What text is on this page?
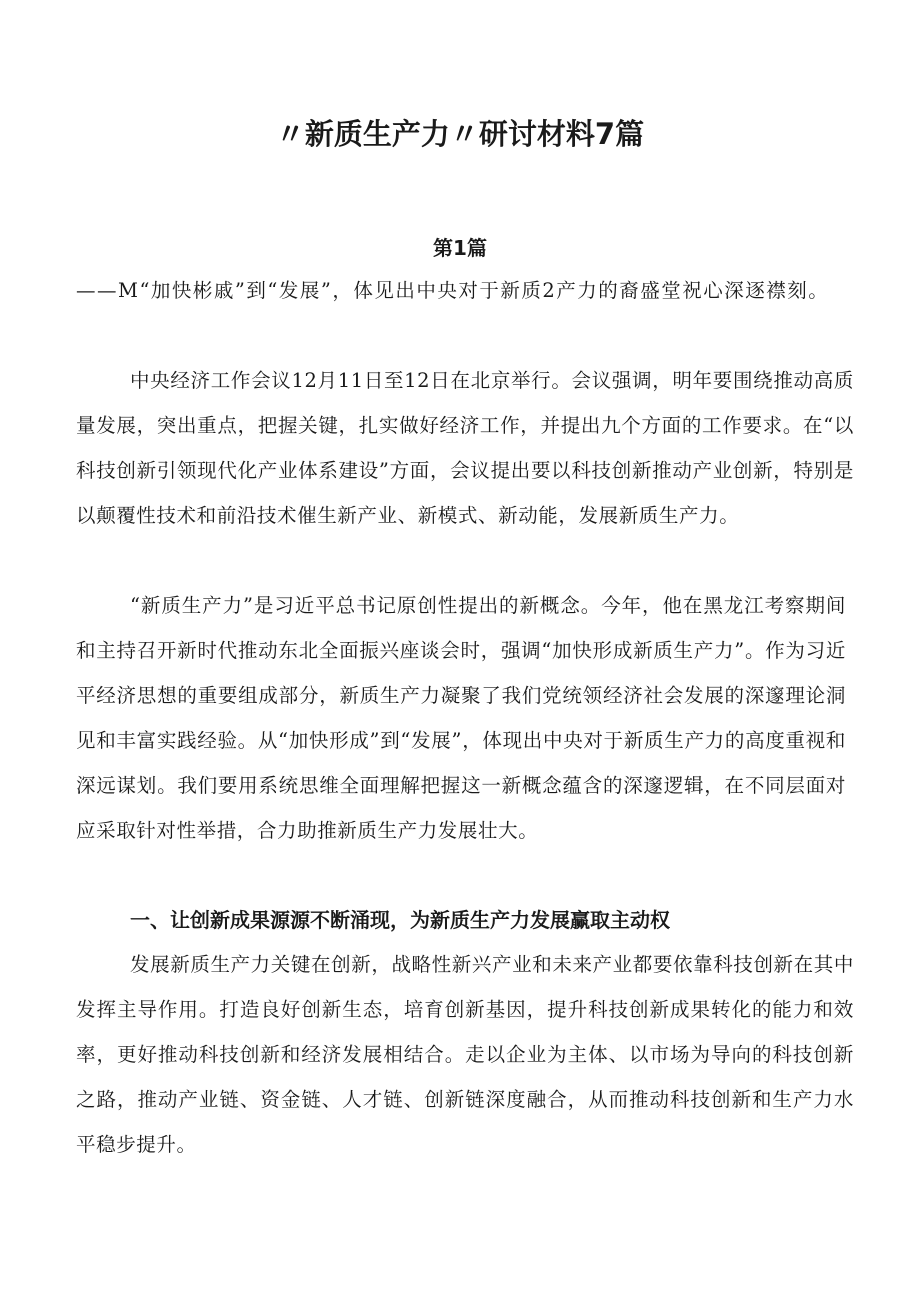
〃新质生产力〃研讨材料7篇
第1篇

——M“加快彬戚”到“发展”，体见出中央对于新质2产力的裔盛堂祝心深逐襟刻。

中央经济工作会议12月11日至12日在北京举行。会议强调，明年要围绕推动高质量发展，突出重点，把握关键，扎实做好经济工作，并提出九个方面的工作要求。在“以科技创新引领现代化产业体系建设”方面，会议提出要以科技创新推动产业创新，特别是以颠覆性技术和前沿技术催生新产业、新模式、新动能，发展新质生产力。

“新质生产力”是习近平总书记原创性提出的新概念。今年，他在黑龙江考察期间和主持召开新时代推动东北全面振兴座谈会时，强调“加快形成新质生产力”。作为习近平经济思想的重要组成部分，新质生产力凝聚了我们党统领经济社会发展的深邃理论洞见和丰富实践经验。从“加快形成”到“发展”，体现出中央对于新质生产力的高度重视和深远谋划。我们要用系统思维全面理解把握这一新概念蕴含的深邃逻辑，在不同层面对应采取针对性举措，合力助推新质生产力发展壮大。

一、让创新成果源源不断涌现，为新质生产力发展赢取主动权

发展新质生产力关键在创新，战略性新兴产业和未来产业都要依靠科技创新在其中发挥主导作用。打造良好创新生态，培育创新基因，提升科技创新成果转化的能力和效率，更好推动科技创新和经济发展相结合。走以企业为主体、以市场为导向的科技创新之路，推动产业链、资金链、人才链、创新链深度融合，从而推动科技创新和生产力水平稳步提升。
